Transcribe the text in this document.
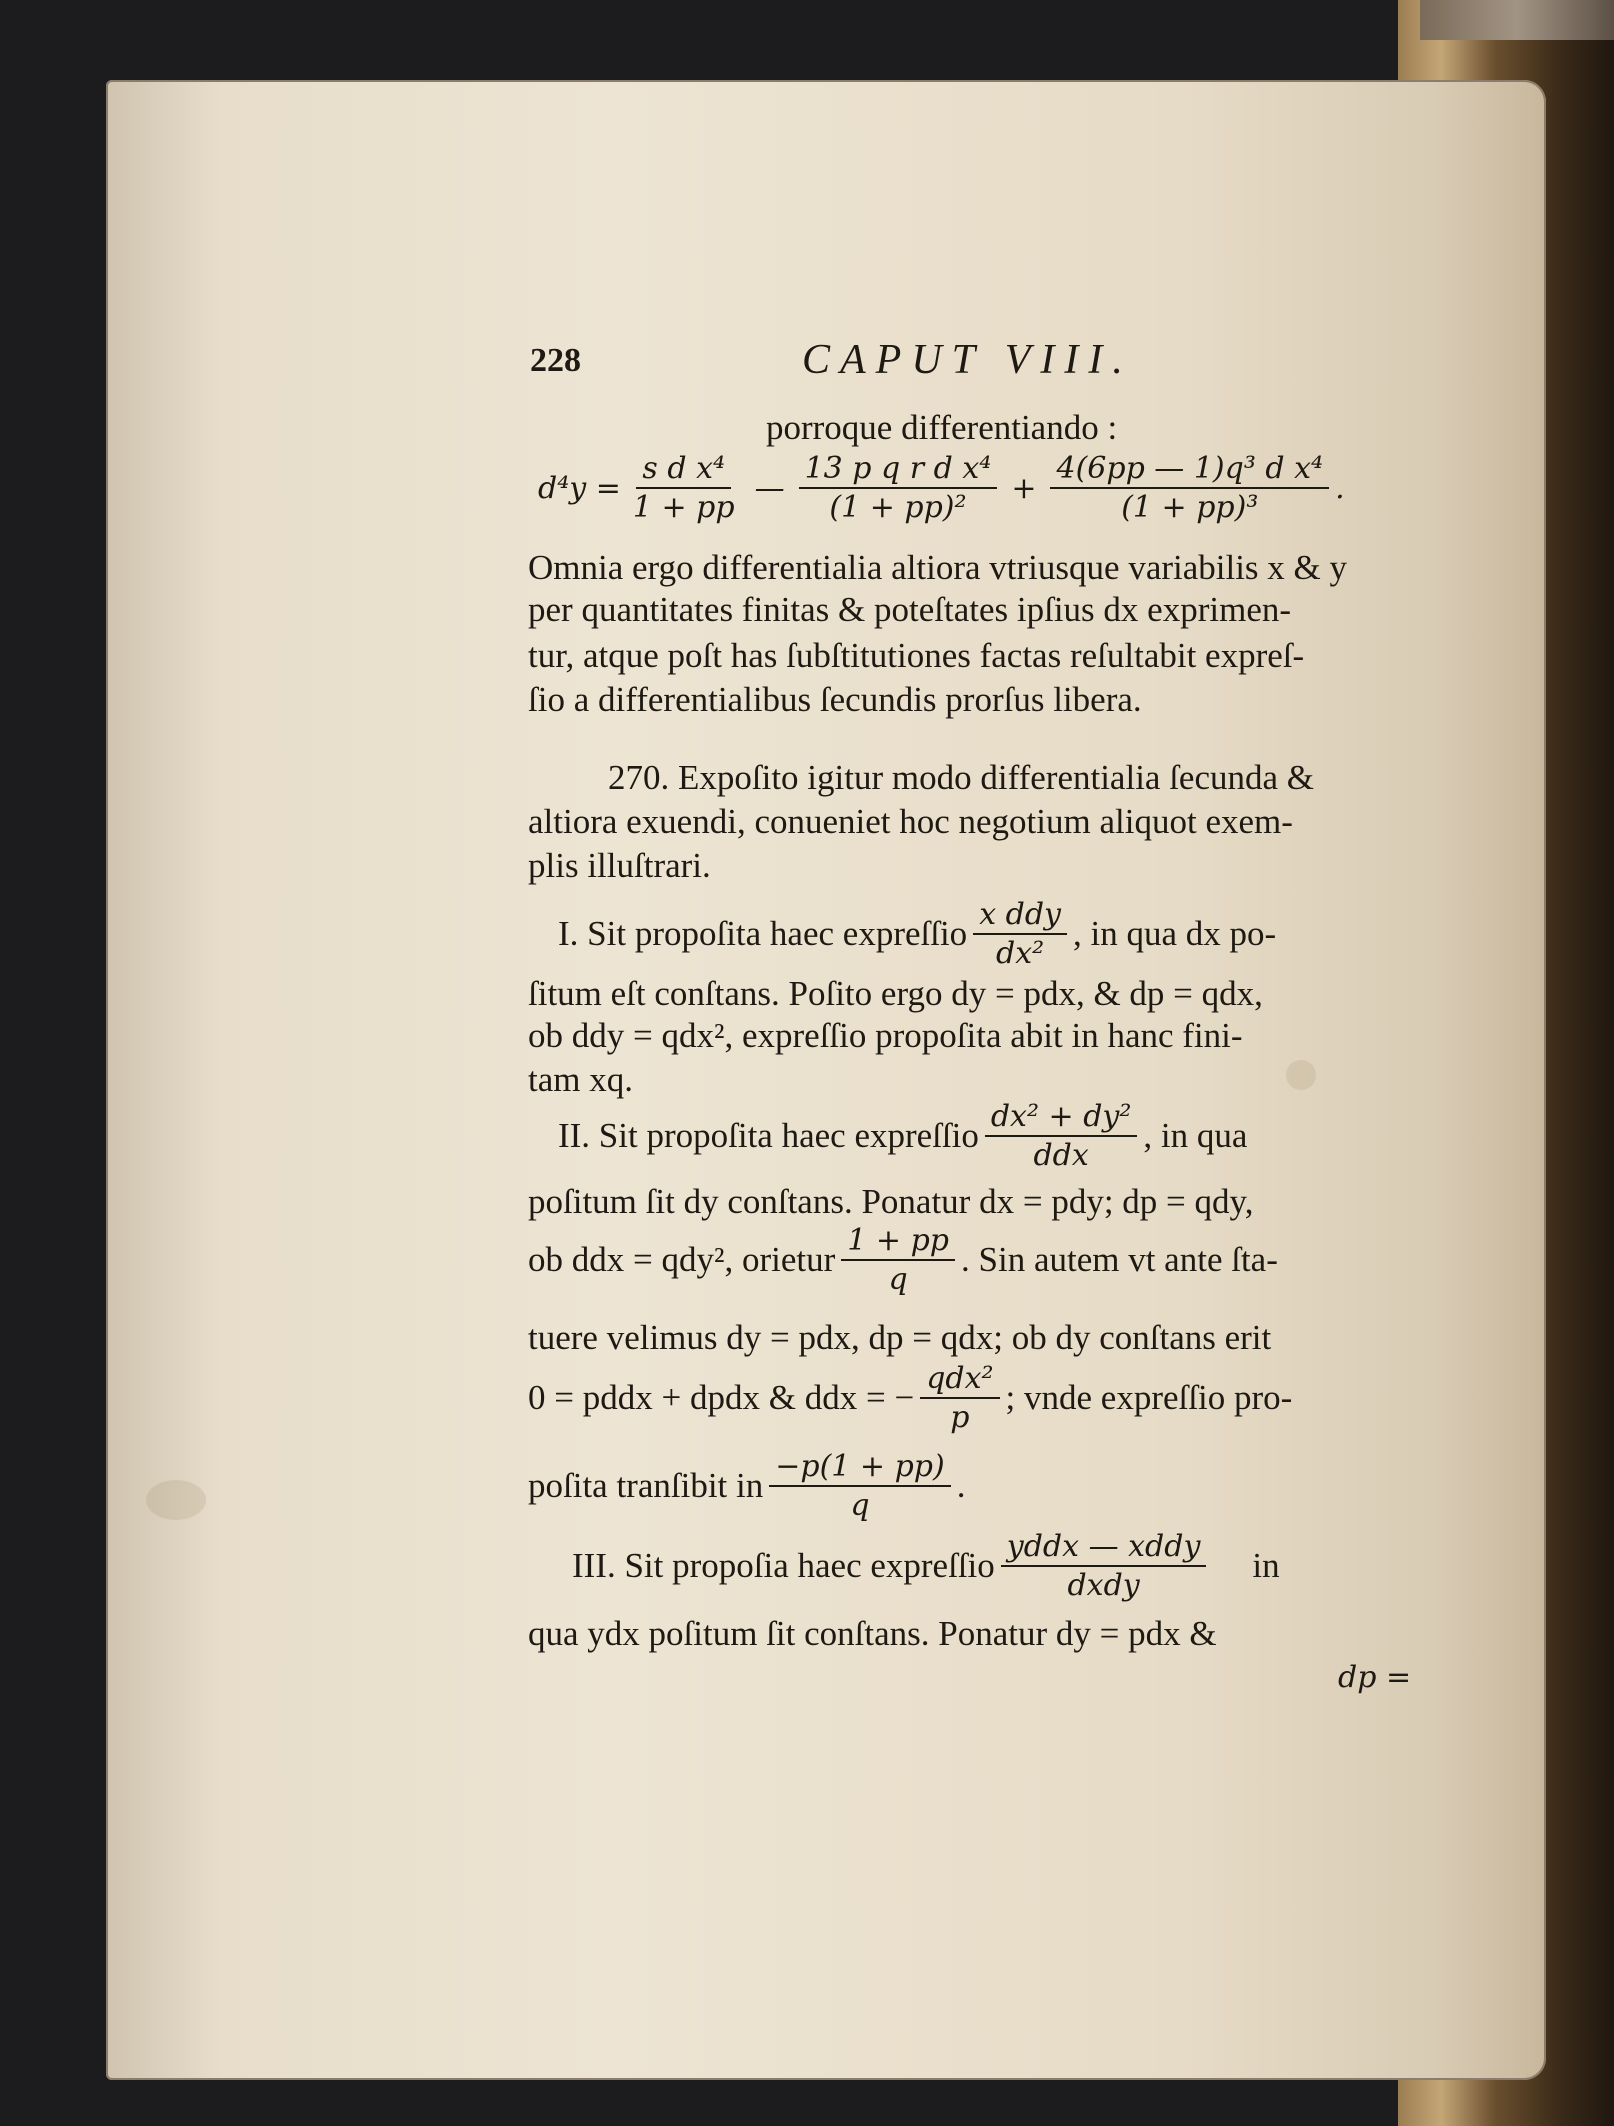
228	CAPUT VIII.
porroque differentiando :
$d^4y = \frac{\text{s d x⁴}}{1 + pp}$ — $\frac{\text{13 p q r d x⁴}}{\text{(1 + pp)²}} + \frac{\text{4(6pp — 1)q³ d x⁴}}{\text{(1 + pp)³}}$ .
Omnia ergo differentialia altiora vtriusque variabilis x & y
per quantitates finitas & poteſtates ipſius dx exprimen-
tur, atque poſt has ſubſtitutiones factas reſultabit expreſ-
ſio a differentialibus ſecundis prorſus libera.
270. Expoſito igitur modo differentialia ſecunda &
altiora exuendi, conueniet hoc negotium aliquot exem-
plis illuſtrari.
I. Sit propoſita haec expreſſio $\frac{\text{x ddy}}{\text{dx²}}$ , in qua dx po-
ſitum eſt conſtans. Poſito ergo dy = pdx, & dp = qdx,
ob ddy = qdx², expreſſio propoſita abit in hanc fini-
tam xq.
II. Sit propoſita haec expreſſio $\frac{\text{dx² + dy²}}{\text{ddx}}$ , in qua
poſitum ſit dy conſtans. Ponatur dx = pdy; dp = qdy,
ob ddx = qdy², orietur $\frac{1 + pp}{q}$ . Sin autem vt ante ſta-
tuere velimus dy = pdx, dp = qdx; ob dy conſtans erit
0 = pddx + dpdx & ddx = − $\frac{\text{qdx²}}{p}$ ; vnde expreſſio pro-
poſita tranſibit in $\frac{-p(1 + pp)}{q}$ .
III. Sit propoſia haec expreſſio $\frac{\text{yddx — xddy}}{\text{dxdy}}$ in
qua ydx poſitum ſit conſtans. Ponatur dy = pdx &
dp =
